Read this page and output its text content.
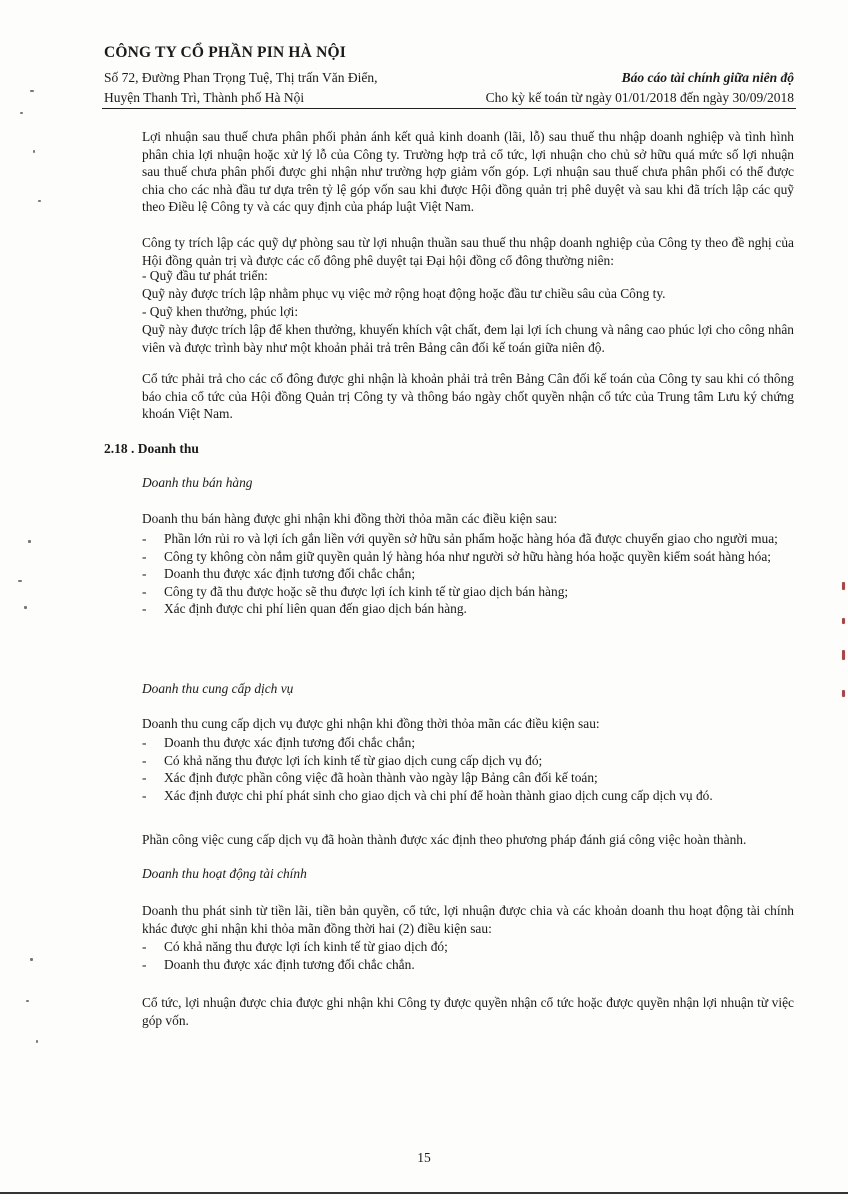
CÔNG TY CỔ PHẦN PIN HÀ NỘI
Số 72, Đường Phan Trọng Tuệ, Thị trấn Văn Điển,
Huyện Thanh Trì, Thành phố Hà Nội
Báo cáo tài chính giữa niên độ
Cho kỳ kế toán từ ngày 01/01/2018 đến ngày 30/09/2018

Lợi nhuận sau thuế chưa phân phối phản ánh kết quả kinh doanh (lãi, lỗ) sau thuế thu nhập doanh nghiệp và tình hình phân chia lợi nhuận hoặc xử lý lỗ của Công ty. Trường hợp trả cổ tức, lợi nhuận cho chủ sở hữu quá mức số lợi nhuận sau thuế chưa phân phối được ghi nhận như trường hợp giảm vốn góp. Lợi nhuận sau thuế chưa phân phối có thể được chia cho các nhà đầu tư dựa trên tỷ lệ góp vốn sau khi được Hội đồng quản trị phê duyệt và sau khi đã trích lập các quỹ theo Điều lệ Công ty và các quy định của pháp luật Việt Nam.

Công ty trích lập các quỹ dự phòng sau từ lợi nhuận thuần sau thuế thu nhập doanh nghiệp của Công ty theo đề nghị của Hội đồng quản trị và được các cổ đông phê duyệt tại Đại hội đồng cổ đông thường niên:

- Quỹ đầu tư phát triển:
Quỹ này được trích lập nhằm phục vụ việc mở rộng hoạt động hoặc đầu tư chiều sâu của Công ty.
- Quỹ khen thưởng, phúc lợi:

Quỹ này được trích lập để khen thưởng, khuyến khích vật chất, đem lại lợi ích chung và nâng cao phúc lợi cho công nhân viên và được trình bày như một khoản phải trả trên Bảng cân đối kế toán giữa niên độ.

Cổ tức phải trả cho các cổ đông được ghi nhận là khoản phải trả trên Bảng Cân đối kế toán của Công ty sau khi có thông báo chia cổ tức của Hội đồng Quản trị Công ty và thông báo ngày chốt quyền nhận cổ tức của Trung tâm Lưu ký chứng khoán Việt Nam.

2.18 . Doanh thu
Doanh thu bán hàng
Doanh thu bán hàng được ghi nhận khi đồng thời thỏa mãn các điều kiện sau:
- Phần lớn rủi ro và lợi ích gắn liền với quyền sở hữu sản phẩm hoặc hàng hóa đã được chuyển giao cho người mua;
- Công ty không còn nắm giữ quyền quản lý hàng hóa như người sở hữu hàng hóa hoặc quyền kiểm soát hàng hóa;
- Doanh thu được xác định tương đối chắc chắn;
- Công ty đã thu được hoặc sẽ thu được lợi ích kinh tế từ giao dịch bán hàng;
- Xác định được chi phí liên quan đến giao dịch bán hàng.
Doanh thu cung cấp dịch vụ
Doanh thu cung cấp dịch vụ được ghi nhận khi đồng thời thỏa mãn các điều kiện sau:
- Doanh thu được xác định tương đối chắc chắn;
- Có khả năng thu được lợi ích kinh tế từ giao dịch cung cấp dịch vụ đó;
- Xác định được phần công việc đã hoàn thành vào ngày lập Bảng cân đối kế toán;
- Xác định được chi phí phát sinh cho giao dịch và chi phí để hoàn thành giao dịch cung cấp dịch vụ đó.
Phần công việc cung cấp dịch vụ đã hoàn thành được xác định theo phương pháp đánh giá công việc hoàn thành.
Doanh thu hoạt động tài chính

Doanh thu phát sinh từ tiền lãi, tiền bản quyền, cổ tức, lợi nhuận được chia và các khoản doanh thu hoạt động tài chính khác được ghi nhận khi thỏa mãn đồng thời hai (2) điều kiện sau:

- Có khả năng thu được lợi ích kinh tế từ giao dịch đó;
- Doanh thu được xác định tương đối chắc chắn.

Cổ tức, lợi nhuận được chia được ghi nhận khi Công ty được quyền nhận cổ tức hoặc được quyền nhận lợi nhuận từ việc góp vốn.

15
